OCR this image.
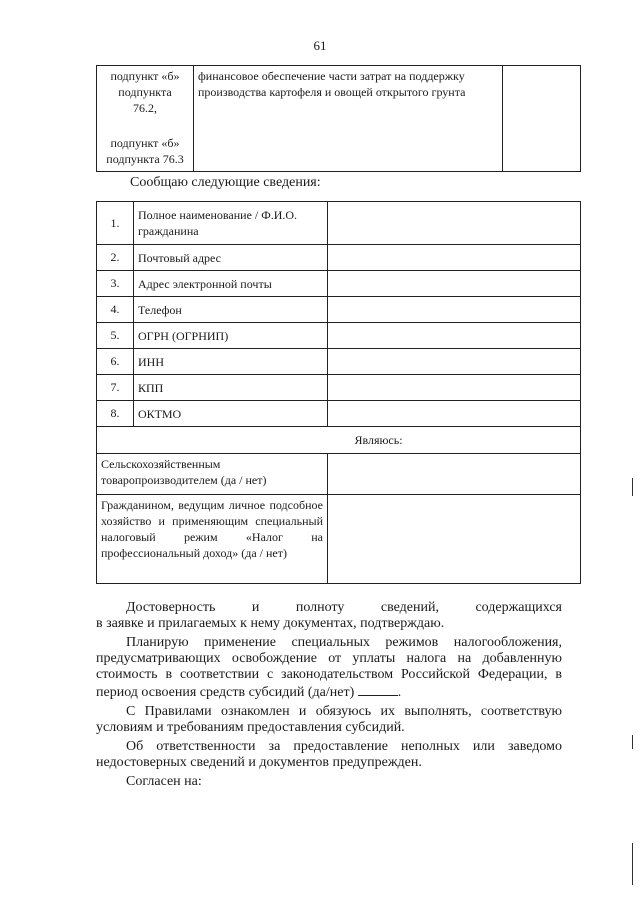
61
подпункт «б» подпункта 76.2,
подпункт «б» подпункта 76.3
	финансовое обеспечение части затрат на поддержку производства картофеля и овощей открытого грунта	
Сообщаю следующие сведения:
1.	Полное наименование / Ф.И.О. гражданина	
2.	Почтовый адрес	
3.	Адрес электронной почты	
4.	Телефон	
5.	ОГРН (ОГРНИП)	
6.	ИНН	
7.	КПП	
8.	ОКТМО	
Являюсь:		
Сельскохозяйственным товаропроизводителем (да / нет)		
Гражданином, ведущим личное подсобное хозяйство и применяющим специальный налоговый режим «Налог на профессиональный доход» (да / нет)		

Достоверность и полноту сведений, содержащихся

в заявке и прилагаемых к нему документах, подтверждаю.

Планирую применение специальных режимов налогообложения, предусматривающих освобождение от уплаты налога на добавленную стоимость в соответствии с законодательством Российской Федерации, в период освоения средств субсидий (да/нет)	.

С Правилами ознакомлен и обязуюсь их выполнять, соответствую условиям и требованиям предоставления субсидий.

Об ответственности за предоставление неполных или заведомо недостоверных сведений и документов предупрежден.

Согласен на:
